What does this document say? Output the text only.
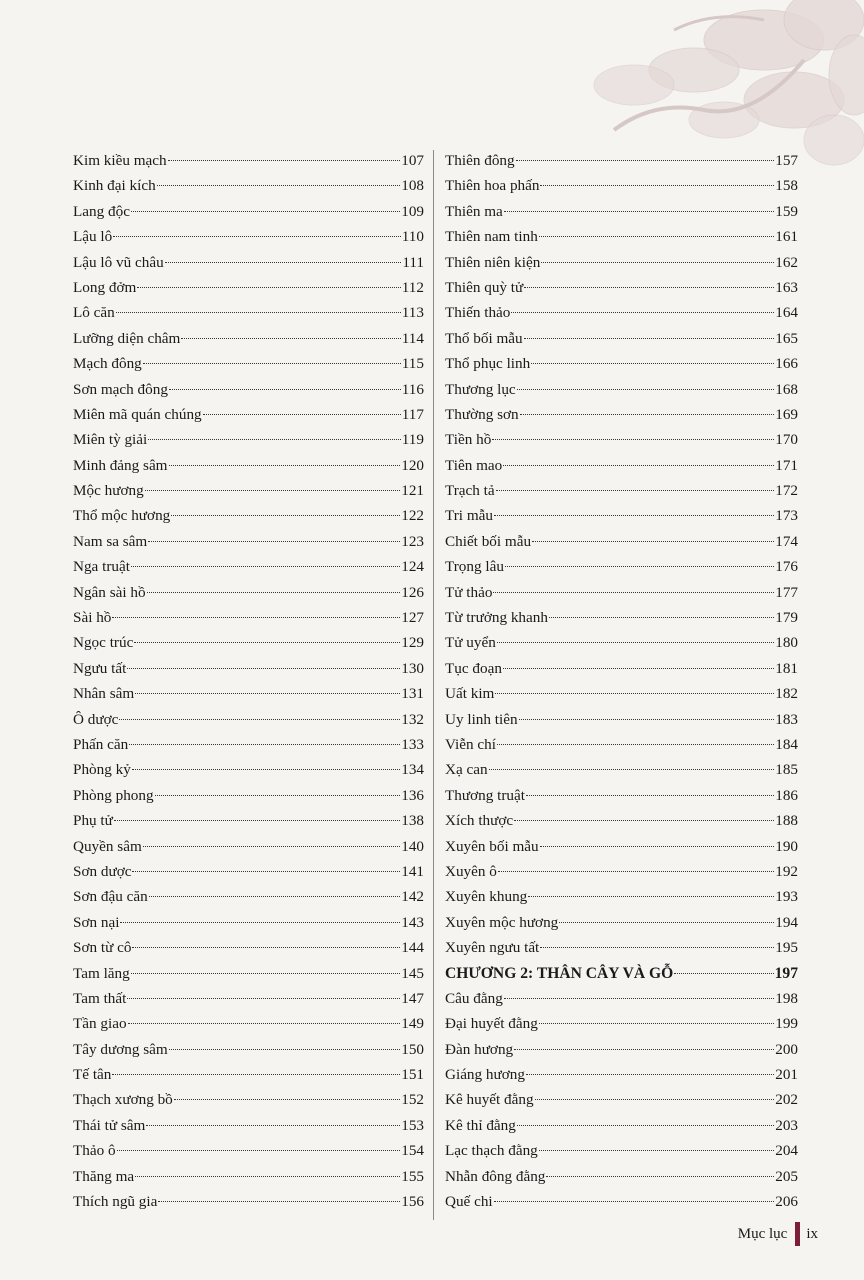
Kim kiều mạch	107
Kinh đại kích	108
Lang độc	109
Lậu lô	110
Lậu lô vũ châu	111
Long đởm	112
Lô căn	113
Lưỡng diện châm	114
Mạch đông	115
Sơn mạch đông	116
Miên mã quán chúng	117
Miên tỳ giải	119
Minh đảng sâm	120
Mộc hương	121
Thổ mộc hương	122
Nam sa sâm	123
Nga truật	124
Ngân sài hồ	126
Sài hồ	127
Ngọc trúc	129
Ngưu tất	130
Nhân sâm	131
Ô dược	132
Phấn căn	133
Phòng kỷ	134
Phòng phong	136
Phụ tử	138
Quyền sâm	140
Sơn dược	141
Sơn đậu căn	142
Sơn nại	143
Sơn từ cô	144
Tam lăng	145
Tam thất	147
Tần giao	149
Tây dương sâm	150
Tế tân	151
Thạch xương bồ	152
Thái tử sâm	153
Thảo ô	154
Thăng ma	155
Thích ngũ gia	156
Thiên đông	157
Thiên hoa phấn	158
Thiên ma	159
Thiên nam tinh	161
Thiên niên kiện	162
Thiên quỳ tử	163
Thiến thảo	164
Thổ bối mẫu	165
Thổ phục linh	166
Thương lục	168
Thường sơn	169
Tiền hồ	170
Tiên mao	171
Trạch tả	172
Tri mẫu	173
Chiết bối mẫu	174
Trọng lâu	176
Tử thảo	177
Từ trưởng khanh	179
Tử uyển	180
Tục đoạn	181
Uất kim	182
Uy linh tiên	183
Viễn chí	184
Xạ can	185
Thương truật	186
Xích thược	188
Xuyên bối mẫu	190
Xuyên ô	192
Xuyên khung	193
Xuyên mộc hương	194
Xuyên ngưu tất	195
CHƯƠNG 2: THÂN CÂY VÀ GỖ	197
Câu đằng	198
Đại huyết đằng	199
Đàn hương	200
Giáng hương	201
Kê huyết đằng	202
Kê thỉ đằng	203
Lạc thạch đằng	204
Nhẫn đông đằng	205
Quế chi	206
Mục lục ix
